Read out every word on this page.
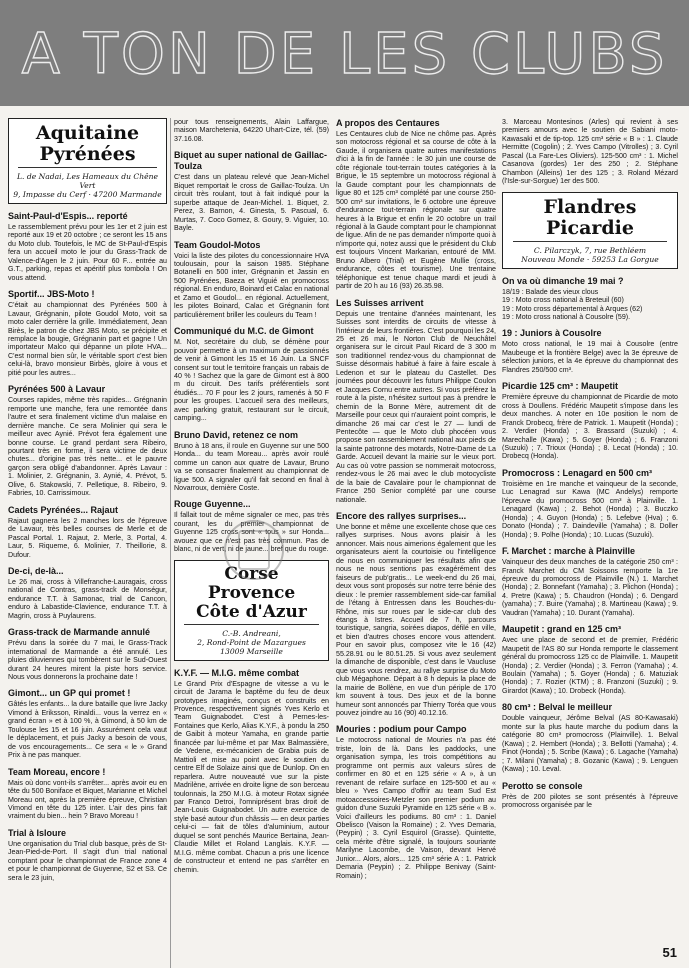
A TON DE LES CLUBS
Aquitaine
Pyrénées
L. de Nadai, Les Hameaux du Chêne Vert
9, Impasse du Cerf · 47200 Marmande
Saint-Paul-d'Espis... reporté

Le rassemblement prévu pour les 1er et 2 juin est reporté aux 19 et 20 octobre ; ce seront les 15 ans du Moto club. Toutefois, le MC de St-Paul-d'Espis fera un accueil moto le jour du Grass-Track de Valence-d'Agen le 2 juin. Pour 60 F... entrée au G.T., parking, repas et apéritif plus tombola ! On vous attend.

Sportif... JBS-Moto !

C'était au championnat des Pyrénées 500 à Lavaur, Grégnanin, pilote Goudol Moto, voit sa moto caler derrière la grille. Immédiatement, Jean Birès, le patron de chez JBS Moto, se précipite et remplace la bougie, Grégnanin part et gagne ! Un importateur Malco qui dépanne un pilote HVA... C'est normal bien sûr, le véritable sport c'est bien celui-là, bravo monsieur Birbès, gloire à vous et pitié pour les autres...

Pyrénées 500 à Lavaur

Courses rapides, même très rapides... Grégnanin remporte une manche, fera une remontée dans l'autre et sera finalement victime d'un malaise en dernière manche. Ce sera Molinier qui sera le meilleur avec Aynié. Prévot fera également une bonne course. Le grand perdant sera Ribeiro, pourtant très en forme, il sera victime de deux chutes... d'origine pas très nette... et le pauvre garçon sera obligé d'abandonner. Après Lavaur : 1. Molinier, 2. Grégnanin, 3. Aynié, 4. Prévot, 5. Olive, 6. Stakowski, 7. Pelletique, 8. Ribeiro, 9. Fabries, 10. Carrissimoux.

Cadets Pyrénées... Rajaut

Rajaut gagnera les 2 manches lors de l'épreuve de Lavaur, très belles courses de Merle et de Pascal Portal. 1. Rajaut, 2. Merle, 3. Portal, 4. Laur, 5. Riqueme, 6. Molinier, 7. Theillorie, 8. Dufour.

De-ci, de-là...

Le 26 mai, cross à Villefranche-Lauragais, cross national de Contras, grass-track de Monségur, endurance T.T. à Samonac, trial de Cancon, enduro à Labastide-Clavience, endurance T.T. à Magrin, cross à Puylaurens.

Grass-track de Marmande annulé

Prévu dans la soirée du 7 mai, le Grass-Track international de Marmande a été annulé. Les pluies diluviennes qui tombèrent sur le Sud-Ouest durant 24 heures mirent la piste hors service. Nous vous donnerons la prochaine date !

Gimont... un GP qui promet !

Gâtés les enfants... la dure bataille que livre Jacky Vimond à Eriksson, Rinaldi... vous la verrez en « grand écran » et à 100 %, à Gimond, à 50 km de Toulouse les 15 et 16 juin. Assurément cela vaut le déplacement, et puis Jacky a besoin de vous, de vos encouragements... Ce sera « le » Grand Prix à ne pas manquer.

Team Moreau, encore !

Mais où donc vont-ils s'arrêter... après avoir eu en tête du 500 Boniface et Biquet, Marianne et Michel Moreau ont, après la première épreuve, Christian Vimond en tête du 125 inter. L'air des pins fait vraiment du bien... hein ? Bravo Moreau !

Trial à Isloure

Une organisation du Trial club basque, près de St-Jean-Pied-de-Port. Il s'agit d'un trial national comptant pour le championnat de France zone 4 et pour le championnat de Guyenne, S2 et S3. Ce sera le 23 juin,

pour tous renseignements, Alain Laffargue, maison Marchetenia, 64220 Uhart-Cize, tél. (59) 37.16.08.

Biquet au super national de Gaillac-Toulza

C'est dans un plateau relevé que Jean-Michel Biquet remportait le cross de Gaillac-Toulza. Un circuit très roulant, tout à fait indiqué pour la superbe attaque de Jean-Michel. 1. Biquet, 2. Perez, 3. Barnon, 4. Ginesta, 5. Pascual, 6. Murtas, 7. Coco Gomez, 8. Goury, 9. Viguier, 10. Bayle.

Team Goudol-Motos

Voici la liste des pilotes du concessionnaire HVA toulousain, pour la saison 1985. Stéphane Botanelli en 500 inter, Grégnanin et Jassin en 500 Pyrénées, Baeza et Viguié en promocross régional. En enduro, Boinard et Calac en national et Zamo et Goudol... en régional. Actuellement, les pilotes Boinard, Calac et Grégnanin font particulièrement briller les couleurs du Team !

Communiqué du M.C. de Gimont

M. Not, secrétaire du club, se démène pour pouvoir permettre à un maximum de passionnés de venir à Gimont les 15 et 16 Juin. La SNCF consent sur tout le territoire français un rabais de 40 % ! Sachez que la gare de Gimont est à 800 m du circuit. Des tarifs préférentiels sont étudiés... 70 F pour les 2 jours, ramenés à 50 F pour les groupes. L'accueil sera des meilleurs, avec parking gratuit, restaurant sur le circuit, camping...

Bruno David, retenez ce nom

Bruno à 18 ans, il roule en Guyenne sur une 500 Honda... du team Moreau... après avoir roulé comme un canon aux quatre de Lavaur, Bruno va se consacrer finalement au championnat de ligue 500. A signaler qu'il fait second en final à Novarroux, dernière Coste.

Rouge Guyenne...

Il fallait tout de même signaler ce mec, pas très courant, les du premier championnat de Guyenne 125 cross sont « tous » sur Honda... avouez que ce n'est pas très commun. Pas de blanc, ni de vert, ni de jaune... bref que du rouge.

Corse
Provence
Côte d'Azur
C.-B. Andreani,
2, Rond-Point de Mazargues
13009 Marseille
K.Y.F. — M.I.G. même combat

Le Grand Prix d'Espagne de vitesse a vu le circuit de Jarama le baptême du feu de deux prototypes imaginés, conçus et construits en Provence, respectivement signés Yves Kerlo et Team Guignabodet. C'est à Pernes-les-Fontaines que Kerlo, Alias K.Y.F., à pondu la 250 de Gaibit à moteur Yamaha, en grande partie financée par lui-même et par Max Balmassière, de Vedene, ex-mécanicien de Grabia puis de Mattioli et mise au point avec le soutien du centre Elf de Solaize ainsi que de Dunlop. On en reparlera. Autre nouveauté vue sur la piste Madrilène, arrivée en droite ligne de son berceau toulonnais, la 250 M.I.G. à moteur Rotax signée par Franco Detroi, l'omniprésent bras droit de Jean-Louis Guignabodet. Un autre exercice de style basé autour d'un châssis — en deux parties celui-ci — fait de tôles d'aluminium, autour duquel se sont penchés Maurice Bertaina, Jean-Claudie Millet et Roland Langlais. K.Y.F. — M.I.G. même combat. Chacun a pris une licence de constructeur et entend ne pas s'arrêter en chemin.

A propos des Centaures

Les Centaures club de Nice ne chôme pas. Après son motocross régional et sa course de côte à la Gaude, il organisera quatre autres manifestations d'ici à la fin de l'année : le 30 juin une course de côte régionale tout-terrain toutes catégories à la Brigue, le 15 septembre un motocross régional à la Gaude comptant pour les championnats de ligue 80 et 125 cm³ complété par une course 250-500 cm³ sur invitations, le 6 octobre une épreuve d'endurance tout-terrain régionale sur quatre heures à la Brigue et enfin le 20 octobre un trail régional à la Gaude comptant pour le championnat de ligue. Afin de ne pas demander n'importe quoi à n'importe qui, notez aussi que le président du Club est toujours Vincent Markarian, entouré de MM. Bruno Albero (Trial) et Eugène Mullie (cross, endurance, côtes et tourisme). Une trentaine téléphonique est tenue chaque mardi et jeudi à partir de 20 h au 16 (93) 26.35.98.

Les Suisses arrivent

Depuis une trentaine d'années maintenant, les Suisses sont interdits de circuits de vitesse à l'intérieur de leurs frontières. C'est pourquoi les 24, 25 et 26 mai, le Norton Club de Neuchâtel organisera sur le circuit Paul Ricard de 3 300 m son traditionnel rendez-vous du championnat de Suisse désormais habitué à faire à faire escale à Ledenon et sur le plateau du Castellet. Des journées pour découvrir les futurs Philippe Coulon et Jacques Cornu entre autres. Si vous préférez la route à la piste, n'hésitez surtout pas à prendre le chemin de la Bonne Mère, autrement dit de Marseille pour ceux qui n'auraient point compris, le dimanche 26 mai car c'est le 27 — lundi de Pentecôte — que le Moto club phocéen vous propose son rassemblement national aux pieds de la sainte patronne des motards, Notre-Dame de La Garde. Accueil devant la mairie sur le vieux port. Au cas où votre passion se nommerait motocross, rendez-vous le 26 mai avec le club motocycliste de la baie de Cavalaire pour le championnat de France 250 Senior complété par une course nationale.

Encore des rallyes surprises...

Une bonne et même une excellente chose que ces rallyes surprises. Nous avons plaisir à les annoncer. Mais nous aimerions également que les organisateurs aient la courtoisie ou l'intelligence de nous en communiquer les résultats afin que nous ne nous sentions pas exagérément des faiseurs de pub'gratis... Le week-end du 26 mai, deux vous sont proposés sur notre terre bénie des dieux : le premier rassemblement side-car familial de l'étang à Entressen dans les Bouches-du-Rhône, mis sur roues par le side-car club des étangs à Istres. Accueil de 7 h, parcours touristique, sangria, soirées diapos, défilé en ville, et bien d'autres choses encore vous attendent. Pour en savoir plus, composez vite le 16 (42) 55.28.91 ou le 80.51.25. Si vous avez seulement la dimanche de disponible, c'est dans le Vaucluse que vous vous rendrez, au rallye surprise du Moto club Mégaphone. Départ à 8 h depuis la place de la mairie de Bollène, en vue d'un périple de 170 km souvent à tous. Des jeux et de la bonne humeur sont annoncés par Thierry Toréa que vous pouvez joindre au 16 (90) 40.12.16.

Mouries : podium pour Campo

Le motocross national de Mouries n'a pas été triste, loin de là. Dans les paddocks, une organisation sympa, les trois compétitions au programme ont permis aux valeurs sûres de confirmer en 80 et en 125 série « A », à un revenant de refaire surface en 125-500 et au « bleu » Yves Campo d'offrir au team Sud Est motoaccessoires-Metzler son premier podium au guidon d'une Suzuki Pyramide en 125 série « B ». Voici d'ailleurs les podiums. 80 cm³ : 1. Daniel Obelisco (Vaison la Romaine) ; 2. Yves Demaria, (Peypin) ; 3. Cyril Esquirol (Grasse). Quintette, cela mérite d'être signalé, la toujours souriante Marilyne Lacombe, de Vaison, devant Hervé Junior... Alors, alors... 125 cm³ série A : 1. Patrick Demaria (Peypin) ; 2. Philippe Benivay (Saint-Romain) ;

3. Marceau Montesinos (Arles) qui revient à ses premiers amours avec le soutien de Sabiani moto-Kawasaki et de tip-top. 125 cm³ série « B » : 1. Claude Hermitte (Cogolin) ; 2. Yves Campo (Vitrolles) ; 3. Cyril Pascal (La Fare-Les Oliviers). 125-500 cm³ : 1. Michel Casanova (gordes) 1er des 250 ; 2. Stéphane Chambon (Alleins) 1er des 125 ; 3. Roland Mézard (l'Isle-sur-Sorgue) 1er des 500.

Flandres
Picardie
C. Pilarczyk, 7, rue Bethléem
Nouveau Monde · 59253 La Gorgue
On va où dimanche 19 mai ?
18/19 : Balade des vieux clous
19 : Moto cross national à Breteuil (60)
19 : Moto cross départemental à Arques (62)
19 : Moto cross national à Cousolre (59).
19 : Juniors à Cousolre

Moto cross national, le 19 mai à Cousolre (entre Maubeuge et la frontière Belge) avec la 3e épreuve de sélection juniors, et la 4e épreuve du championnat des Flandres 250/500 cm³.

Picardie 125 cm³ : Maupetit

Première épreuve du championnat de Picardie de moto cross à Doullens. Frédéric Maupetit s'impose dans les deux manches. A noter en 10e position le nom de Franck Drobecq, frère de Patrick. 1. Maupetit (Honda) ; 2. Verdier (Honda) ; 3. Brassard (Suzuki) ; 4. Marechalle (Kawa) ; 5. Goyer (Honda) ; 6. Franzoni (Suzuki) ; 7. Trioux (Honda) ; 8. Lecat (Honda) ; 10. Drobecq (Honda).

Promocross : Lenagard en 500 cm³

Troisième en 1re manche et vainqueur de la seconde, Luc Lenagrad sur Kawa (MC Andelys) remporte l'épreuve du promocross 500 cm³ à Plainville. 1. Lenagard (Kawa) ; 2. Behot (Honda) ; 3. Buczko (Honda) ; 4. Guyon (Honda) ; 5. Lefebve (Hva) ; 6. Donato (Honda) ; 7. Daindeville (Yamaha) ; 8. Doller (Honda) ; 9. Polhe (Honda) ; 10. Lucas (Suzuki).

F. Marchet : marche à Plainville

Vainqueur des deux manches de la catégorie 250 cm³ : Franck Marchet du CM Soissons remporte la 1re épreuve du promocross de Plainville (N.) 1. Marchet (Honda) ; 2. Bonnefant (Yamaha) ; 3. Plichon (Honda) ; 4. Pretre (Kawa) ; 5. Chaudron (Honda) ; 6. Dengard (yamaha) ; 7. Buire (Yamaha) ; 8. Martineau (Kawa) ; 9. Vaudran (Yamaha) ; 10. Durant (Yamaha).

Maupetit : grand en 125 cm³

Avec une place de second et de premier, Frédéric Maupetit de l'AS 80 sur Honda remporte le classement général du promocross 125 cc de Plainville. 1. Maupetit (Honda) ; 2. Verdier (Honda) ; 3. Ferron (Yamaha) ; 4. Boulain (Yamaha) ; 5. Goyer (Honda) ; 6. Matuziak (Honda) ; 7. Rozier (KTM) ; 8. Franzoni (Suzuki) ; 9. Girardot (Kawa) ; 10. Drobeck (Honda).

80 cm³ : Belval le meilleur

Double vainqueur, Jérôme Belval (AS 80-Kawasaki) monte sur la plus haute marche du podium dans la catégorie 80 cm³ promocross (Plainville). 1. Belval (Kawa) ; 2. Hembert (Honda) ; 3. Bellotti (Yamaha) ; 4. Finot (Honda) ; 5. Scribe (Kawa) ; 6. Lagache (Yamaha) ; 7. Milani (Yamaha) ; 8. Gozanic (Kawa) ; 9. Lenguen (Kawa) ; 10. Leval.

Perotto se console

Près de 200 pilotes se sont présentés à l'épreuve promocross organisée par le

51
